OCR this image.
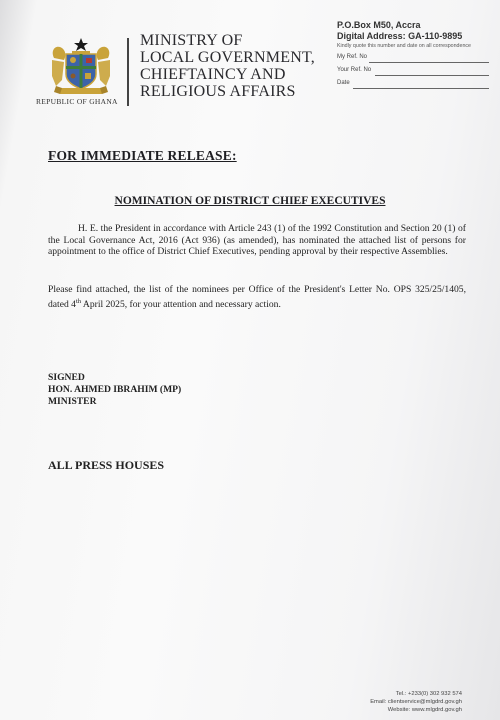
REPUBLIC OF GHANA
MINISTRY OF
LOCAL GOVERNMENT,
CHIEFTAINCY AND
RELIGIOUS AFFAIRS
P.O.Box M50, Accra
Digital Address: GA-110-9895
Kindly quote this number and date on all correspondence
My Ref. No
Your Ref. No
Date
FOR IMMEDIATE RELEASE:
NOMINATION OF DISTRICT CHIEF EXECUTIVES
H. E. the President in accordance with Article 243 (1) of the 1992 Constitution and Section 20 (1) of the Local Governance Act, 2016 (Act 936) (as amended), has nominated the attached list of persons for appointment to the office of District Chief Executives, pending approval by their respective Assemblies.
Please find attached, the list of the nominees per Office of the President's Letter No. OPS 325/25/1405, dated 4th April 2025, for your attention and necessary action.
SIGNED
HON. AHMED IBRAHIM (MP)
MINISTER
ALL PRESS HOUSES
Tel.: +233(0) 302 932 574
Email: clientservice@mlgdrd.gov.gh
Website: www.mlgdrd.gov.gh
